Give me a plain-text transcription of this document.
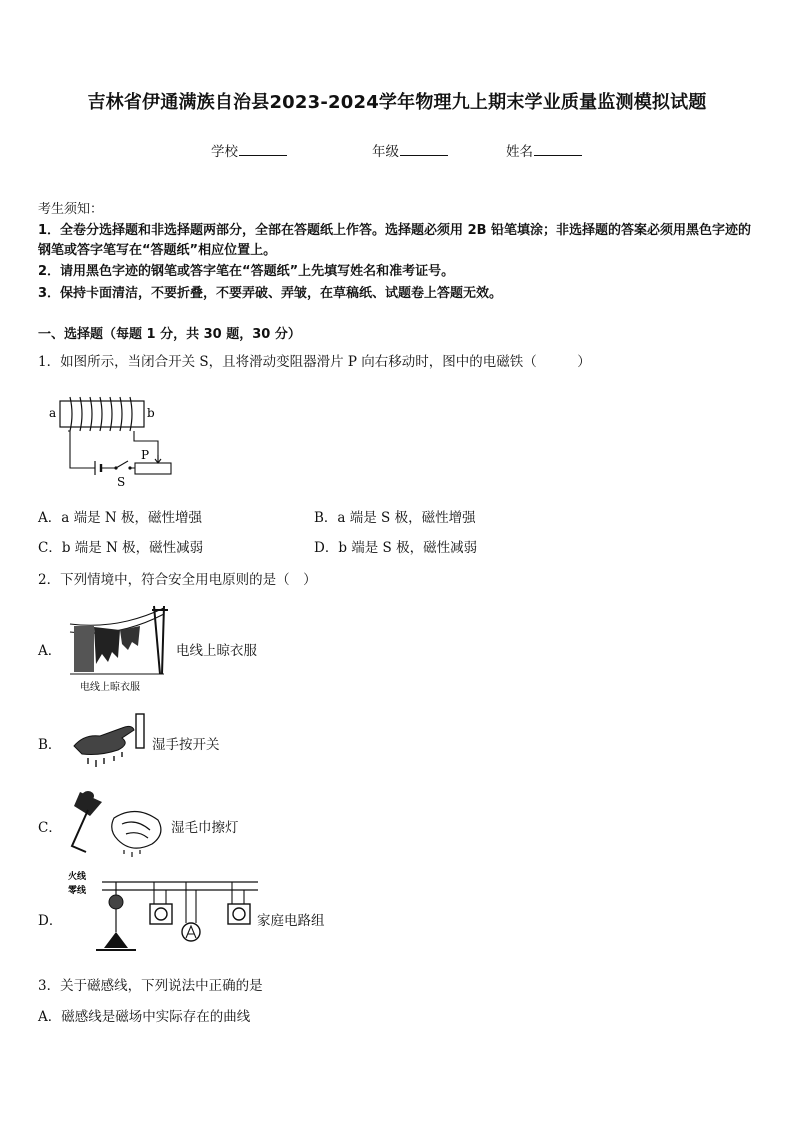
吉林省伊通满族自治县2023-2024学年物理九上期末学业质量监测模拟试题
学校	年级	姓名
考生须知：
1．全卷分选择题和非选择题两部分，全部在答题纸上作答。选择题必须用 2B 铅笔填涂；非选择题的答案必须用黑色字迹的钢笔或答字笔写在“答题纸”相应位置上。
2．请用黑色字迹的钢笔或答字笔在“答题纸”上先填写姓名和准考证号。
3．保持卡面清洁，不要折叠，不要弄破、弄皱，在草稿纸、试题卷上答题无效。
一、选择题（每题 1 分，共 30 题，30 分）
1．如图所示，当闭合开关 S，且将滑动变阻器滑片 P 向右移动时，图中的电磁铁（　　　）
a	b
S
P
A．a 端是 N 极，磁性增强	B．a 端是 S 极，磁性增强
C．b 端是 N 极，磁性减弱	D．b 端是 S 极，磁性减弱
2．下列情境中，符合安全用电原则的是（　）
A．
电线上晾衣服
电线上晾衣服
B．	湿手按开关
C．	湿毛巾擦灯
D．
火线
零线
家庭电路组
3．关于磁感线，下列说法中正确的是
A．磁感线是磁场中实际存在的曲线
